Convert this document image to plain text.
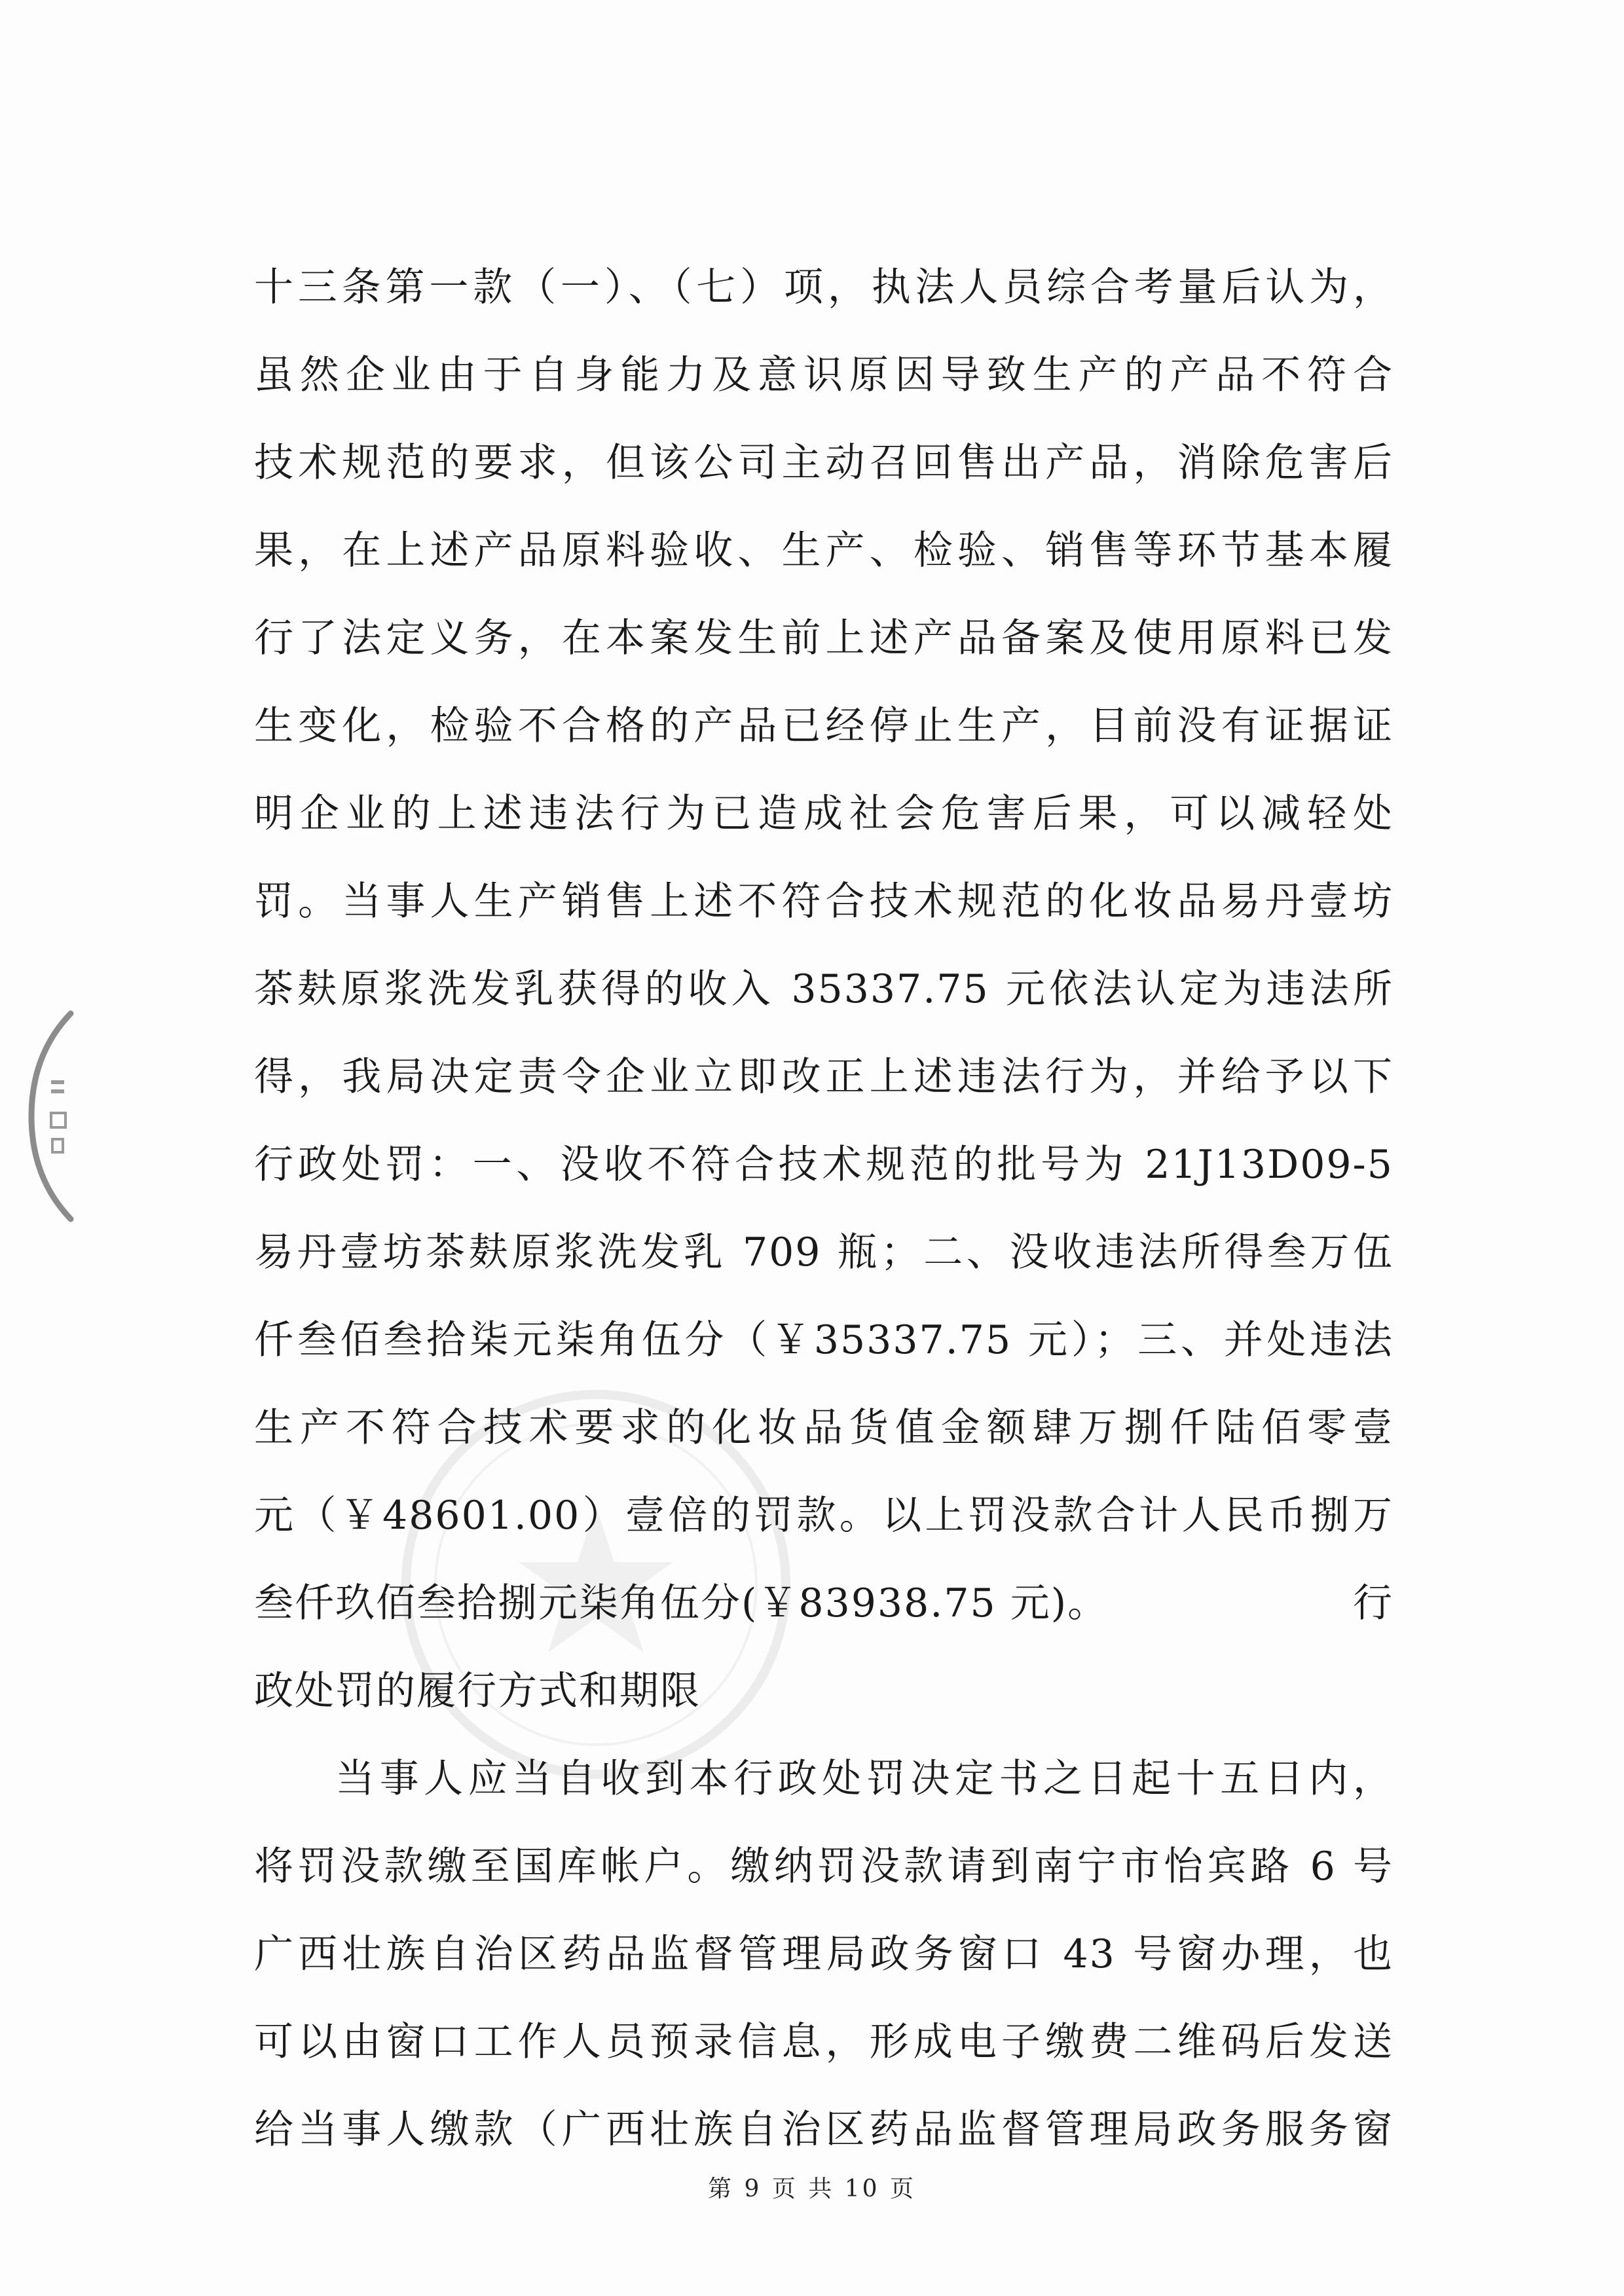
十三条第一款（一）、（七）项，执法人员综合考量后认为，
虽然企业由于自身能力及意识原因导致生产的产品不符合
技术规范的要求，但该公司主动召回售出产品，消除危害后
果，在上述产品原料验收、生产、检验、销售等环节基本履
行了法定义务，在本案发生前上述产品备案及使用原料已发
生变化，检验不合格的产品已经停止生产，目前没有证据证
明企业的上述违法行为已造成社会危害后果，可以减轻处
罚。当事人生产销售上述不符合技术规范的化妆品易丹壹坊
茶麸原浆洗发乳获得的收入 35337.75 元依法认定为违法所
得，我局决定责令企业立即改正上述违法行为，并给予以下
行政处罚：一、没收不符合技术规范的批号为 21J13D09-5
易丹壹坊茶麸原浆洗发乳 709 瓶；二、没收违法所得叁万伍
仟叁佰叁拾柒元柒角伍分（￥35337.75 元）；三、并处违法
生产不符合技术要求的化妆品货值金额肆万捌仟陆佰零壹
元（￥48601.00）壹倍的罚款。以上罚没款合计人民币捌万
叁仟玖佰叁拾捌元柒角伍分(￥83938.75 元)。	行
政处罚的履行方式和期限
当事人应当自收到本行政处罚决定书之日起十五日内，
将罚没款缴至国库帐户。缴纳罚没款请到南宁市怡宾路 6 号
广西壮族自治区药品监督管理局政务窗口 43 号窗办理，也
可以由窗口工作人员预录信息，形成电子缴费二维码后发送
给当事人缴款（广西壮族自治区药品监督管理局政务服务窗
第 9 页 共 10 页
